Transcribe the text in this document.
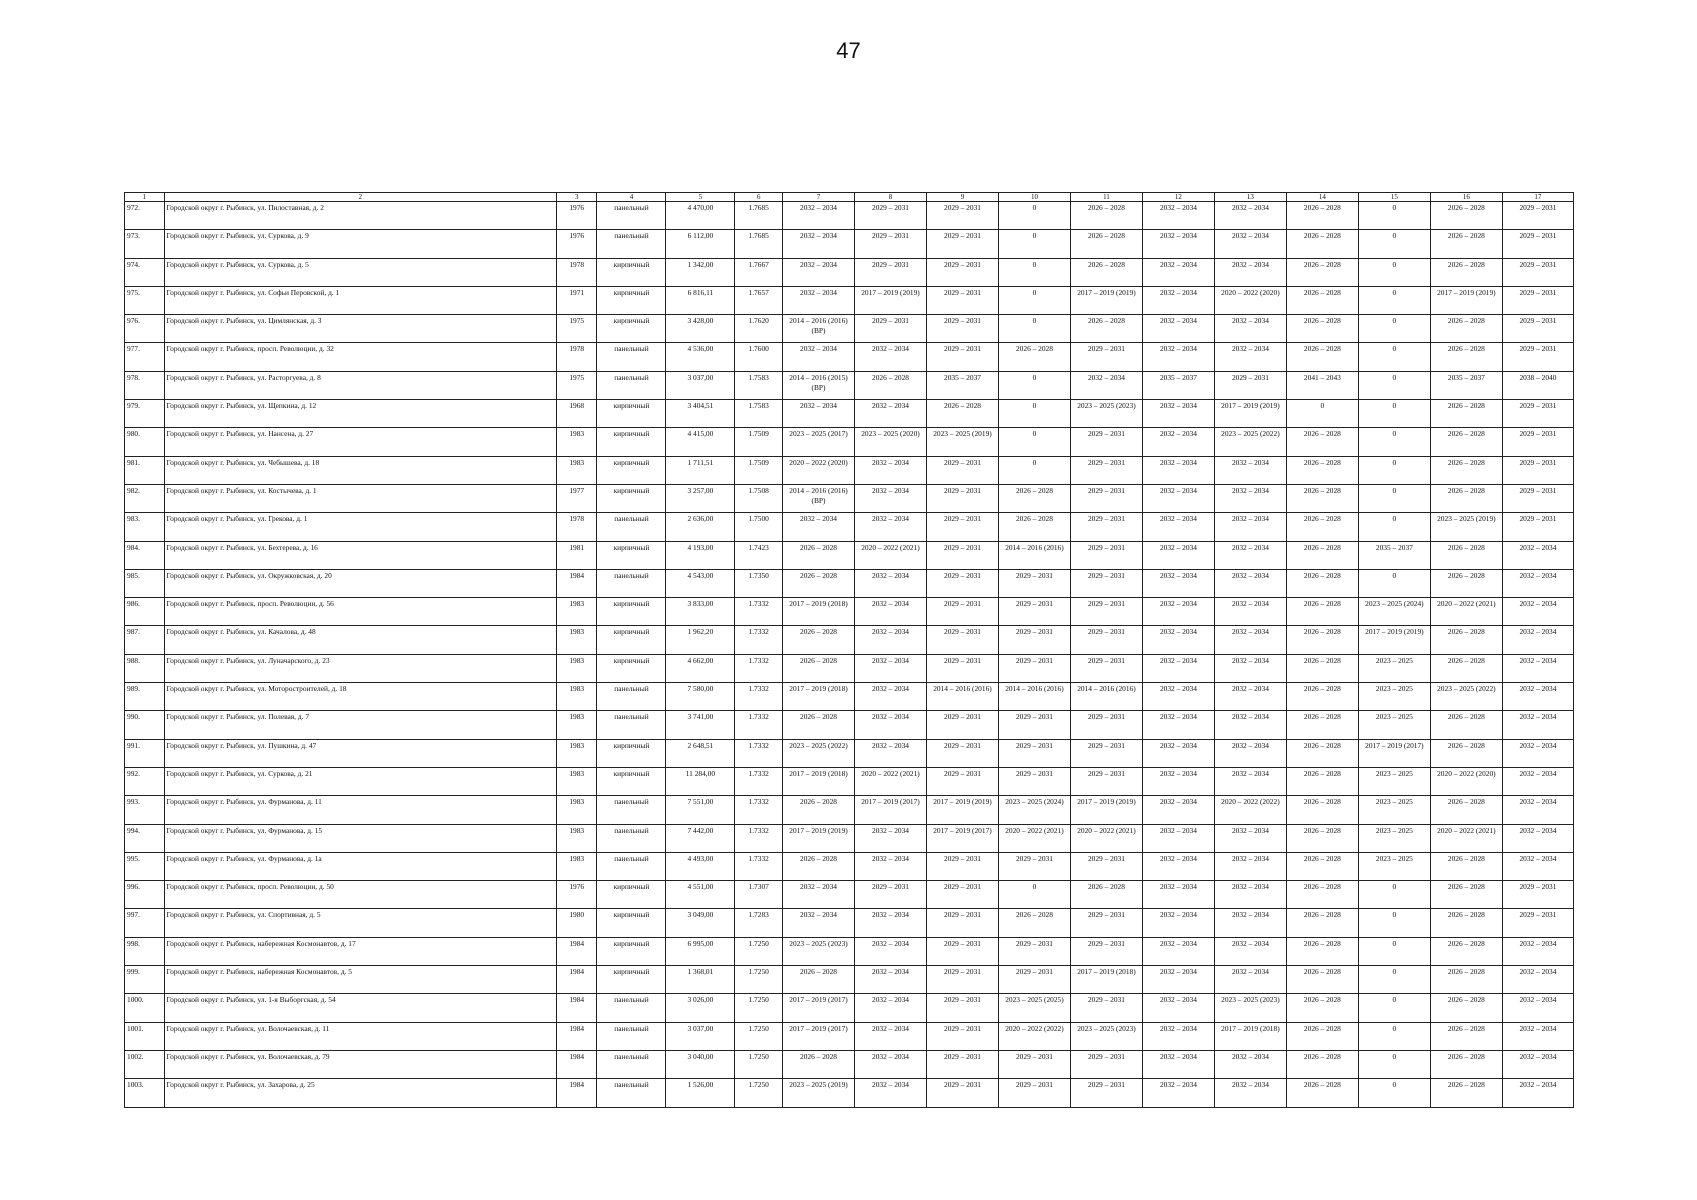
47
1	2	3	4	5	6	7	8	9	10	11	12	13	14	15	16	17
972.	Городской округ г. Рыбинск, ул. Пилоставная, д. 2	1976	панельный	4 470,00	1.7685	2032 – 2034	2029 – 2031	2029 – 2031	0	2026 – 2028	2032 – 2034	2032 – 2034	2026 – 2028	0	2026 – 2028	2029 – 2031
973.	Городской округ г. Рыбинск, ул. Суркова, д. 9	1976	панельный	6 112,00	1.7685	2032 – 2034	2029 – 2031	2029 – 2031	0	2026 – 2028	2032 – 2034	2032 – 2034	2026 – 2028	0	2026 – 2028	2029 – 2031
974.	Городской округ г. Рыбинск, ул. Суркова, д. 5	1978	кирпичный	1 342,00	1.7667	2032 – 2034	2029 – 2031	2029 – 2031	0	2026 – 2028	2032 – 2034	2032 – 2034	2026 – 2028	0	2026 – 2028	2029 – 2031
975.	Городской округ г. Рыбинск, ул. Софьи Перовской, д. 1	1971	кирпичный	6 816,11	1.7657	2032 – 2034	2017 – 2019 (2019)	2029 – 2031	0	2017 – 2019 (2019)	2032 – 2034	2020 – 2022 (2020)	2026 – 2028	0	2017 – 2019 (2019)	2029 – 2031
976.	Городской округ г. Рыбинск, ул. Цимлянская, д. 3	1975	кирпичный	3 428,00	1.7620	2014 – 2016 (2016) (ВР)	2029 – 2031	2029 – 2031	0	2026 – 2028	2032 – 2034	2032 – 2034	2026 – 2028	0	2026 – 2028	2029 – 2031
977.	Городской округ г. Рыбинск, просп. Революции, д. 32	1978	панельный	4 536,00	1.7600	2032 – 2034	2032 – 2034	2029 – 2031	2026 – 2028	2029 – 2031	2032 – 2034	2032 – 2034	2026 – 2028	0	2026 – 2028	2029 – 2031
978.	Городской округ г. Рыбинск, ул. Расторгуева, д. 8	1975	панельный	3 037,00	1.7583	2014 – 2016 (2015) (ВР)	2026 – 2028	2035 – 2037	0	2032 – 2034	2035 – 2037	2029 – 2031	2041 – 2043	0	2035 – 2037	2038 – 2040
979.	Городской округ г. Рыбинск, ул. Щепкина, д. 12	1968	кирпичный	3 404,51	1.7583	2032 – 2034	2032 – 2034	2026 – 2028	0	2023 – 2025 (2023)	2032 – 2034	2017 – 2019 (2019)	0	0	2026 – 2028	2029 – 2031
980.	Городской округ г. Рыбинск, ул. Нансена, д. 27	1983	кирпичный	4 415,00	1.7509	2023 – 2025 (2017)	2023 – 2025 (2020)	2023 – 2025 (2019)	0	2029 – 2031	2032 – 2034	2023 – 2025 (2022)	2026 – 2028	0	2026 – 2028	2029 – 2031
981.	Городской округ г. Рыбинск, ул. Чебышева, д. 18	1983	кирпичный	1 711,51	1.7509	2020 – 2022 (2020)	2032 – 2034	2029 – 2031	0	2029 – 2031	2032 – 2034	2032 – 2034	2026 – 2028	0	2026 – 2028	2029 – 2031
982.	Городской округ г. Рыбинск, ул. Костычева, д. 1	1977	кирпичный	3 257,00	1.7508	2014 – 2016 (2016) (ВР)	2032 – 2034	2029 – 2031	2026 – 2028	2029 – 2031	2032 – 2034	2032 – 2034	2026 – 2028	0	2026 – 2028	2029 – 2031
983.	Городской округ г. Рыбинск, ул. Грекова, д. 1	1978	панельный	2 636,00	1.7500	2032 – 2034	2032 – 2034	2029 – 2031	2026 – 2028	2029 – 2031	2032 – 2034	2032 – 2034	2026 – 2028	0	2023 – 2025 (2019)	2029 – 2031
984.	Городской округ г. Рыбинск, ул. Бехтерева, д. 16	1981	кирпичный	4 193,00	1.7423	2026 – 2028	2020 – 2022 (2021)	2029 – 2031	2014 – 2016 (2016)	2029 – 2031	2032 – 2034	2032 – 2034	2026 – 2028	2035 – 2037	2026 – 2028	2032 – 2034
985.	Городской округ г. Рыбинск, ул. Окружковская, д. 20	1984	панельный	4 543,00	1.7350	2026 – 2028	2032 – 2034	2029 – 2031	2029 – 2031	2029 – 2031	2032 – 2034	2032 – 2034	2026 – 2028	0	2026 – 2028	2032 – 2034
986.	Городской округ г. Рыбинск, просп. Революции, д. 56	1983	кирпичный	3 833,00	1.7332	2017 – 2019 (2018)	2032 – 2034	2029 – 2031	2029 – 2031	2029 – 2031	2032 – 2034	2032 – 2034	2026 – 2028	2023 – 2025 (2024)	2020 – 2022 (2021)	2032 – 2034
987.	Городской округ г. Рыбинск, ул. Качалова, д. 48	1983	кирпичный	1 962,20	1.7332	2026 – 2028	2032 – 2034	2029 – 2031	2029 – 2031	2029 – 2031	2032 – 2034	2032 – 2034	2026 – 2028	2017 – 2019 (2019)	2026 – 2028	2032 – 2034
988.	Городской округ г. Рыбинск, ул. Луначарского, д. 23	1983	кирпичный	4 662,00	1.7332	2026 – 2028	2032 – 2034	2029 – 2031	2029 – 2031	2029 – 2031	2032 – 2034	2032 – 2034	2026 – 2028	2023 – 2025	2026 – 2028	2032 – 2034
989.	Городской округ г. Рыбинск, ул. Моторостроителей, д. 18	1983	панельный	7 580,00	1.7332	2017 – 2019 (2018)	2032 – 2034	2014 – 2016 (2016)	2014 – 2016 (2016)	2014 – 2016 (2016)	2032 – 2034	2032 – 2034	2026 – 2028	2023 – 2025	2023 – 2025 (2022)	2032 – 2034
990.	Городской округ г. Рыбинск, ул. Полевая, д. 7	1983	панельный	3 741,00	1.7332	2026 – 2028	2032 – 2034	2029 – 2031	2029 – 2031	2029 – 2031	2032 – 2034	2032 – 2034	2026 – 2028	2023 – 2025	2026 – 2028	2032 – 2034
991.	Городской округ г. Рыбинск, ул. Пушкина, д. 47	1983	кирпичный	2 648,51	1.7332	2023 – 2025 (2022)	2032 – 2034	2029 – 2031	2029 – 2031	2029 – 2031	2032 – 2034	2032 – 2034	2026 – 2028	2017 – 2019 (2017)	2026 – 2028	2032 – 2034
992.	Городской округ г. Рыбинск, ул. Суркова, д. 21	1983	кирпичный	11 284,00	1.7332	2017 – 2019 (2018)	2020 – 2022 (2021)	2029 – 2031	2029 – 2031	2029 – 2031	2032 – 2034	2032 – 2034	2026 – 2028	2023 – 2025	2020 – 2022 (2020)	2032 – 2034
993.	Городской округ г. Рыбинск, ул. Фурманова, д. 11	1983	панельный	7 551,00	1.7332	2026 – 2028	2017 – 2019 (2017)	2017 – 2019 (2019)	2023 – 2025 (2024)	2017 – 2019 (2019)	2032 – 2034	2020 – 2022 (2022)	2026 – 2028	2023 – 2025	2026 – 2028	2032 – 2034
994.	Городской округ г. Рыбинск, ул. Фурманова, д. 15	1983	панельный	7 442,00	1.7332	2017 – 2019 (2019)	2032 – 2034	2017 – 2019 (2017)	2020 – 2022 (2021)	2020 – 2022 (2021)	2032 – 2034	2032 – 2034	2026 – 2028	2023 – 2025	2020 – 2022 (2021)	2032 – 2034
995.	Городской округ г. Рыбинск, ул. Фурманова, д. 1а	1983	панельный	4 493,00	1.7332	2026 – 2028	2032 – 2034	2029 – 2031	2029 – 2031	2029 – 2031	2032 – 2034	2032 – 2034	2026 – 2028	2023 – 2025	2026 – 2028	2032 – 2034
996.	Городской округ г. Рыбинск, просп. Революции, д. 50	1976	кирпичный	4 551,00	1.7307	2032 – 2034	2029 – 2031	2029 – 2031	0	2026 – 2028	2032 – 2034	2032 – 2034	2026 – 2028	0	2026 – 2028	2029 – 2031
997.	Городской округ г. Рыбинск, ул. Спортивная, д. 5	1980	кирпичный	3 049,00	1.7283	2032 – 2034	2032 – 2034	2029 – 2031	2026 – 2028	2029 – 2031	2032 – 2034	2032 – 2034	2026 – 2028	0	2026 – 2028	2029 – 2031
998.	Городской округ г. Рыбинск, набережная Космонавтов, д. 17	1984	кирпичный	6 995,00	1.7250	2023 – 2025 (2023)	2032 – 2034	2029 – 2031	2029 – 2031	2029 – 2031	2032 – 2034	2032 – 2034	2026 – 2028	0	2026 – 2028	2032 – 2034
999.	Городской округ г. Рыбинск, набережная Космонавтов, д. 5	1984	кирпичный	1 368,01	1.7250	2026 – 2028	2032 – 2034	2029 – 2031	2029 – 2031	2017 – 2019 (2018)	2032 – 2034	2032 – 2034	2026 – 2028	0	2026 – 2028	2032 – 2034
1000.	Городской округ г. Рыбинск, ул. 1-я Выборгская, д. 54	1984	панельный	3 026,00	1.7250	2017 – 2019 (2017)	2032 – 2034	2029 – 2031	2023 – 2025 (2025)	2029 – 2031	2032 – 2034	2023 – 2025 (2023)	2026 – 2028	0	2026 – 2028	2032 – 2034
1001.	Городской округ г. Рыбинск, ул. Волочаевская, д. 11	1984	панельный	3 037,00	1.7250	2017 – 2019 (2017)	2032 – 2034	2029 – 2031	2020 – 2022 (2022)	2023 – 2025 (2023)	2032 – 2034	2017 – 2019 (2018)	2026 – 2028	0	2026 – 2028	2032 – 2034
1002.	Городской округ г. Рыбинск, ул. Волочаевская, д. 79	1984	панельный	3 040,00	1.7250	2026 – 2028	2032 – 2034	2029 – 2031	2029 – 2031	2029 – 2031	2032 – 2034	2032 – 2034	2026 – 2028	0	2026 – 2028	2032 – 2034
1003.	Городской округ г. Рыбинск, ул. Захарова, д. 25	1984	панельный	1 526,00	1.7250	2023 – 2025 (2019)	2032 – 2034	2029 – 2031	2029 – 2031	2029 – 2031	2032 – 2034	2032 – 2034	2026 – 2028	0	2026 – 2028	2032 – 2034
